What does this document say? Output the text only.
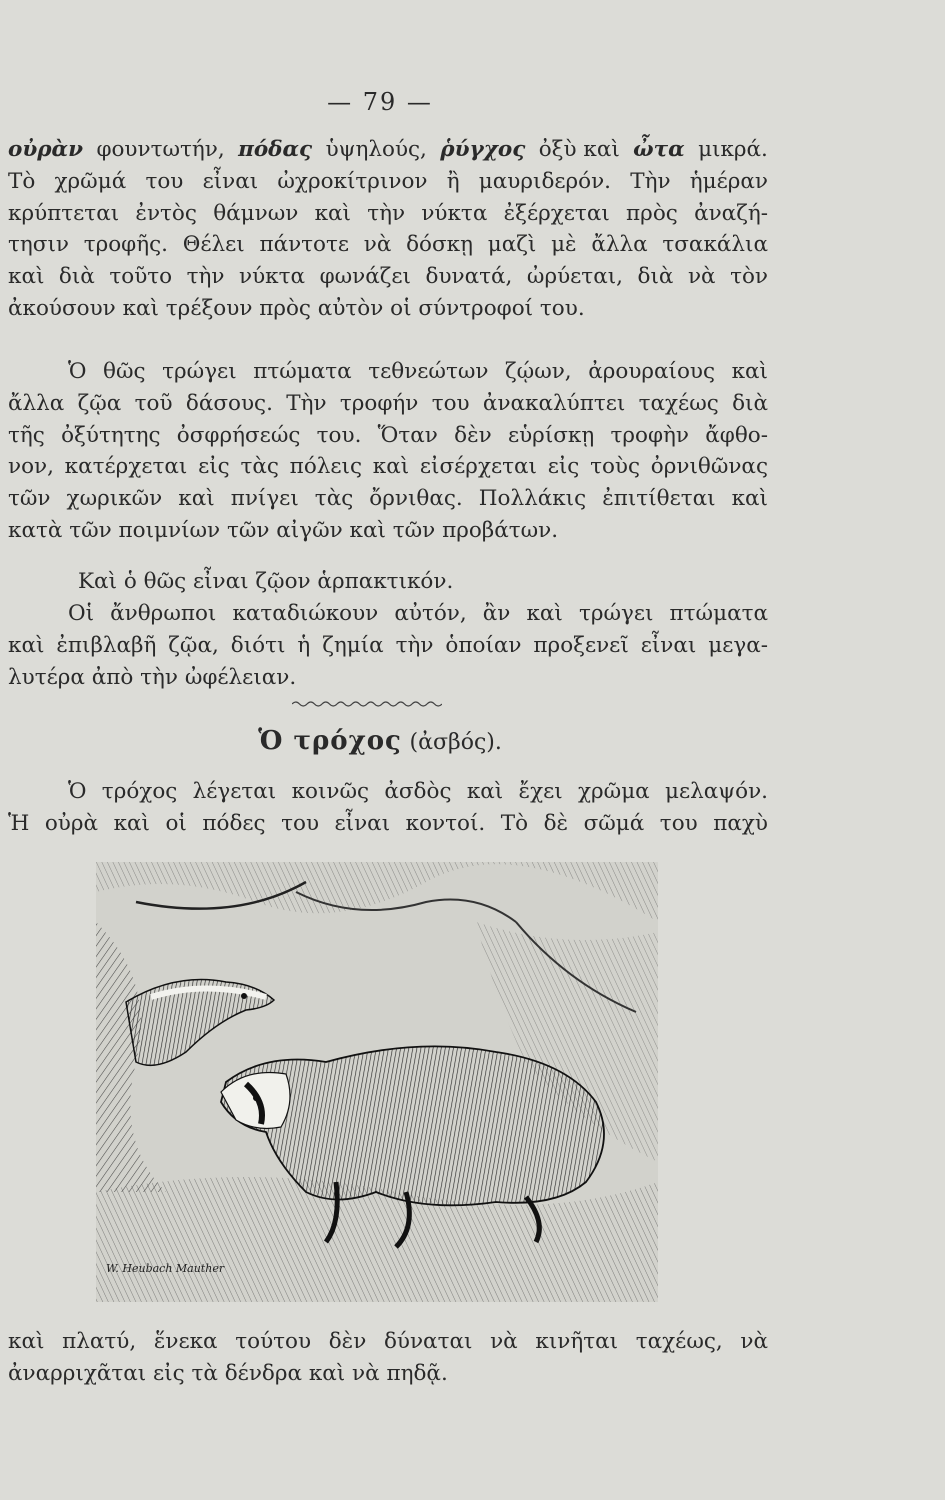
— 79 —
οὐρὰν φουντωτήν, πόδας ὑψηλούς, ῥύγχος ὀξὺ καὶ ὦτα μικρά.
Τὸ χρῶμά του εἶναι ὠχροκίτρινον ἢ μαυριδερόν. Τὴν ἡμέραν
κρύπτεται ἐντὸς θάμνων καὶ τὴν νύκτα ἐξέρχεται πρὸς ἀναζή-
τησιν τροφῆς. Θέλει πάντοτε νὰ δόσκῃ μαζὶ μὲ ἄλλα τσακάλια
καὶ διὰ τοῦτο τὴν νύκτα φωνάζει δυνατά, ὠρύεται, διὰ νὰ τὸν
ἀκούσουν καὶ τρέξουν πρὸς αὐτὸν οἱ σύντροφοί του.
Ὁ θῶς τρώγει πτώματα τεθνεώτων ζῴων, ἀρουραίους καὶ
ἄλλα ζῷα τοῦ δάσους. Τὴν τροφήν του ἀνακαλύπτει ταχέως διὰ
τῆς ὀξύτητης ὀσφρήσεώς του. Ὅταν δὲν εὑρίσκῃ τροφὴν ἄφθο-
νον, κατέρχεται εἰς τὰς πόλεις καὶ εἰσέρχεται εἰς τοὺς ὀρνιθῶνας
τῶν χωρικῶν καὶ πνίγει τὰς ὄρνιθας. Πολλάκις ἐπιτίθεται καὶ
κατὰ τῶν ποιμνίων τῶν αἰγῶν καὶ τῶν προβάτων.
Καὶ ὁ θῶς εἶναι ζῷον ἁρπακτικόν.
Οἱ ἄνθρωποι καταδιώκουν αὐτόν, ἂν καὶ τρώγει πτώματα
καὶ ἐπιβλαβῆ ζῷα, διότι ἡ ζημία τὴν ὁποίαν προξενεῖ εἶναι μεγα-
λυτέρα ἀπὸ τὴν ὠφέλειαν.
Ὁ τρόχος (ἀσβός).
Ὁ τρόχος λέγεται κοινῶς ἀσδὸς καὶ ἔχει χρῶμα μελαψόν.
Ἡ οὐρὰ καὶ οἱ πόδες του εἶναι κοντοί. Τὸ δὲ σῶμά του παχὺ
W. Heubach Mauther
καὶ πλατύ, ἕνεκα τούτου δὲν δύναται νὰ κινῆται ταχέως, νὰ
ἀναρριχᾶται εἰς τὰ δένδρα καὶ νὰ πηδᾷ.
